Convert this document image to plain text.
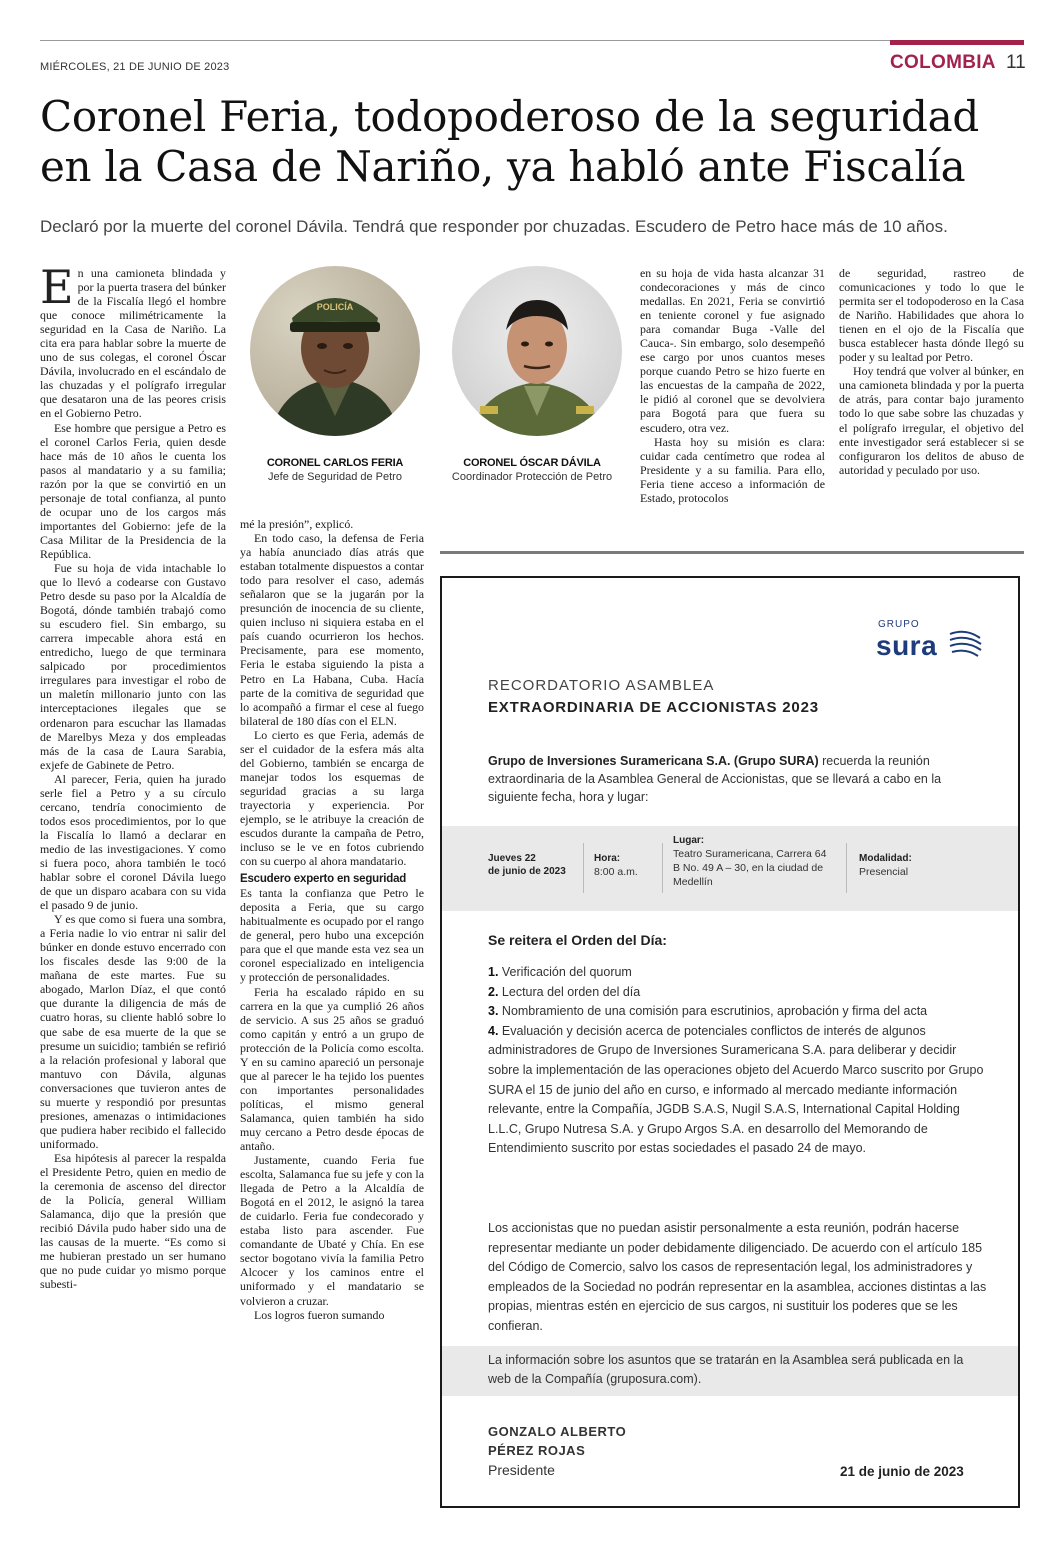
MIÉRCOLES, 21 DE JUNIO DE 2023	COLOMBIA 11
Coronel Feria, todopoderoso de la seguridad
en la Casa de Nariño, ya habló ante Fiscalía
Declaró por la muerte del coronel Dávila. Tendrá que responder por chuzadas. Escudero de Petro hace más de 10 años.

En una camioneta blindada y por la puerta trasera del búnker de la Fiscalía llegó el hombre que conoce milimétricamente la seguridad en la Casa de Nariño. La cita era para hablar sobre la muerte de uno de sus colegas, el coronel Óscar Dávila, involucrado en el escándalo de las chuzadas y el polígrafo irregular que desataron una de las peores crisis en el Gobierno Petro.

Ese hombre que persigue a Petro es el coronel Carlos Feria, quien desde hace más de 10 años le cuenta los pasos al mandatario y a su familia; razón por la que se convirtió en un personaje de total confianza, al punto de ocupar uno de los cargos más importantes del Gobierno: jefe de la Casa Militar de la Presidencia de la República.

Fue su hoja de vida intachable lo que lo llevó a codearse con Gustavo Petro desde su paso por la Alcaldía de Bogotá, dónde también trabajó como su escudero fiel. Sin embargo, su carrera impecable ahora está en entredicho, luego de que terminara salpicado por procedimientos irregulares para investigar el robo de un maletín millonario junto con las interceptaciones ilegales que se ordenaron para escuchar las llamadas de Marelbys Meza y dos empleadas más de la casa de Laura Sarabia, exjefe de Gabinete de Petro.

Al parecer, Feria, quien ha jurado serle fiel a Petro y a su círculo cercano, tendría conocimiento de todos esos procedimientos, por lo que la Fiscalía lo llamó a declarar en medio de las investigaciones. Y como si fuera poco, ahora también le tocó hablar sobre el coronel Dávila luego de que un disparo acabara con su vida el pasado 9 de junio.

Y es que como si fuera una sombra, a Feria nadie lo vio entrar ni salir del búnker en donde estuvo encerrado con los fiscales desde las 9:00 de la mañana de este martes. Fue su abogado, Marlon Díaz, el que contó que durante la diligencia de más de cuatro horas, su cliente habló sobre lo que sabe de esa muerte de la que se presume un suicidio; también se refirió a la relación profesional y laboral que mantuvo con Dávila, algunas conversaciones que tuvieron antes de su muerte y respondió por presuntas presiones, amenazas o intimidaciones que pudiera haber recibido el fallecido uniformado.

Esa hipótesis al parecer la respalda el Presidente Petro, quien en medio de la ceremonia de ascenso del director de la Policía, general William Salamanca, dijo que la presión que recibió Dávila pudo haber sido una de las causas de la muerte. “Es como si me hubieran prestado un ser humano que no pude cuidar yo mismo porque subesti-

POLICÍA
CORONEL CARLOS FERIA
Jefe de Seguridad de Petro
CORONEL ÓSCAR DÁVILA
Coordinador Protección de Petro

mé la presión”, explicó.

En todo caso, la defensa de Feria ya había anunciado días atrás que estaban totalmente dispuestos a contar todo para resolver el caso, además señalaron que se la jugarán por la presunción de inocencia de su cliente, quien incluso ni siquiera estaba en el país cuando ocurrieron los hechos. Precisamente, para ese momento, Feria le estaba siguiendo la pista a Petro en La Habana, Cuba. Hacía parte de la comitiva de seguridad que lo acompañó a firmar el cese al fuego bilateral de 180 días con el ELN.

Lo cierto es que Feria, además de ser el cuidador de la esfera más alta del Gobierno, también se encarga de manejar todos los esquemas de seguridad gracias a su larga trayectoria y experiencia. Por ejemplo, se le atribuye la creación de escudos durante la campaña de Petro, incluso se le ve en fotos cubriendo con su cuerpo al ahora mandatario.

Escudero experto en seguridad

Es tanta la confianza que Petro le deposita a Feria, que su cargo habitualmente es ocupado por el rango de general, pero hubo una excepción para que el que mande esta vez sea un coronel especializado en inteligencia y protección de personalidades.

Feria ha escalado rápido en su carrera en la que ya cumplió 26 años de servicio. A sus 25 años se graduó como capitán y entró a un grupo de protección de la Policía como escolta. Y en su camino apareció un personaje que al parecer le ha tejido los puentes con importantes personalidades políticas, el mismo general Salamanca, quien también ha sido muy cercano a Petro desde épocas de antaño.

Justamente, cuando Feria fue escolta, Salamanca fue su jefe y con la llegada de Petro a la Alcaldía de Bogotá en el 2012, le asignó la tarea de cuidarlo. Feria fue condecorado y estaba listo para ascender. Fue comandante de Ubaté y Chía. En ese sector bogotano vivía la familia Petro Alcocer y los caminos entre el uniformado y el mandatario se volvieron a cruzar.

Los logros fueron sumando

en su hoja de vida hasta alcanzar 31 condecoraciones y más de cinco medallas. En 2021, Feria se convirtió en teniente coronel y fue asignado para comandar Buga -Valle del Cauca-. Sin embargo, solo desempeñó ese cargo por unos cuantos meses porque cuando Petro se hizo fuerte en las encuestas de la campaña de 2022, le pidió al coronel que se devolviera para Bogotá para que fuera su escudero, otra vez.

Hasta hoy su misión es clara: cuidar cada centímetro que rodea al Presidente y a su familia. Para ello, Feria tiene acceso a información de Estado, protocolos

de seguridad, rastreo de comunicaciones y todo lo que le permita ser el todopoderoso en la Casa de Nariño. Habilidades que ahora lo tienen en el ojo de la Fiscalía que busca establecer hasta dónde llegó su poder y su lealtad por Petro.

Hoy tendrá que volver al búnker, en una camioneta blindada y por la puerta de atrás, para contar bajo juramento todo lo que sabe sobre las chuzadas y el polígrafo irregular, el objetivo del ente investigador será establecer si se configuraron los delitos de abuso de autoridad y peculado por uso.

GRUPO
sura
RECORDATORIO ASAMBLEA
EXTRAORDINARIA DE ACCIONISTAS 2023
Grupo de Inversiones Suramericana S.A. (Grupo SURA) recuerda la reunión extraordinaria de la Asamblea General de Accionistas, que se llevará a cabo en la siguiente fecha, hora y lugar:
Jueves 22
de junio de 2023
Hora:
8:00 a.m.
Lugar:
Teatro Suramericana, Carrera 64 B No. 49 A – 30, en la ciudad de Medellín
Modalidad:
Presencial
Se reitera el Orden del Día:
1. Verificación del quorum
2. Lectura del orden del día
3. Nombramiento de una comisión para escrutinios, aprobación y firma del acta
4. Evaluación y decisión acerca de potenciales conflictos de interés de algunos administradores de Grupo de Inversiones Suramericana S.A. para deliberar y decidir sobre la implementación de las operaciones objeto del Acuerdo Marco suscrito por Grupo SURA el 15 de junio del año en curso, e informado al mercado mediante información relevante, entre la Compañía, JGDB S.A.S, Nugil S.A.S, International Capital Holding L.L.C, Grupo Nutresa S.A. y Grupo Argos S.A. en desarrollo del Memorando de Entendimiento suscrito por estas sociedades el pasado 24 de mayo.
Los accionistas que no puedan asistir personalmente a esta reunión, podrán hacerse representar mediante un poder debidamente diligenciado. De acuerdo con el artículo 185 del Código de Comercio, salvo los casos de representación legal, los administradores y empleados de la Sociedad no podrán representar en la asamblea, acciones distintas a las propias, mientras estén en ejercicio de sus cargos, ni sustituir los poderes que se les confieran.
La información sobre los asuntos que se tratarán en la Asamblea será publicada en la web de la Compañía (gruposura.com).
GONZALO ALBERTO
PÉREZ ROJAS
Presidente	21 de junio de 2023
